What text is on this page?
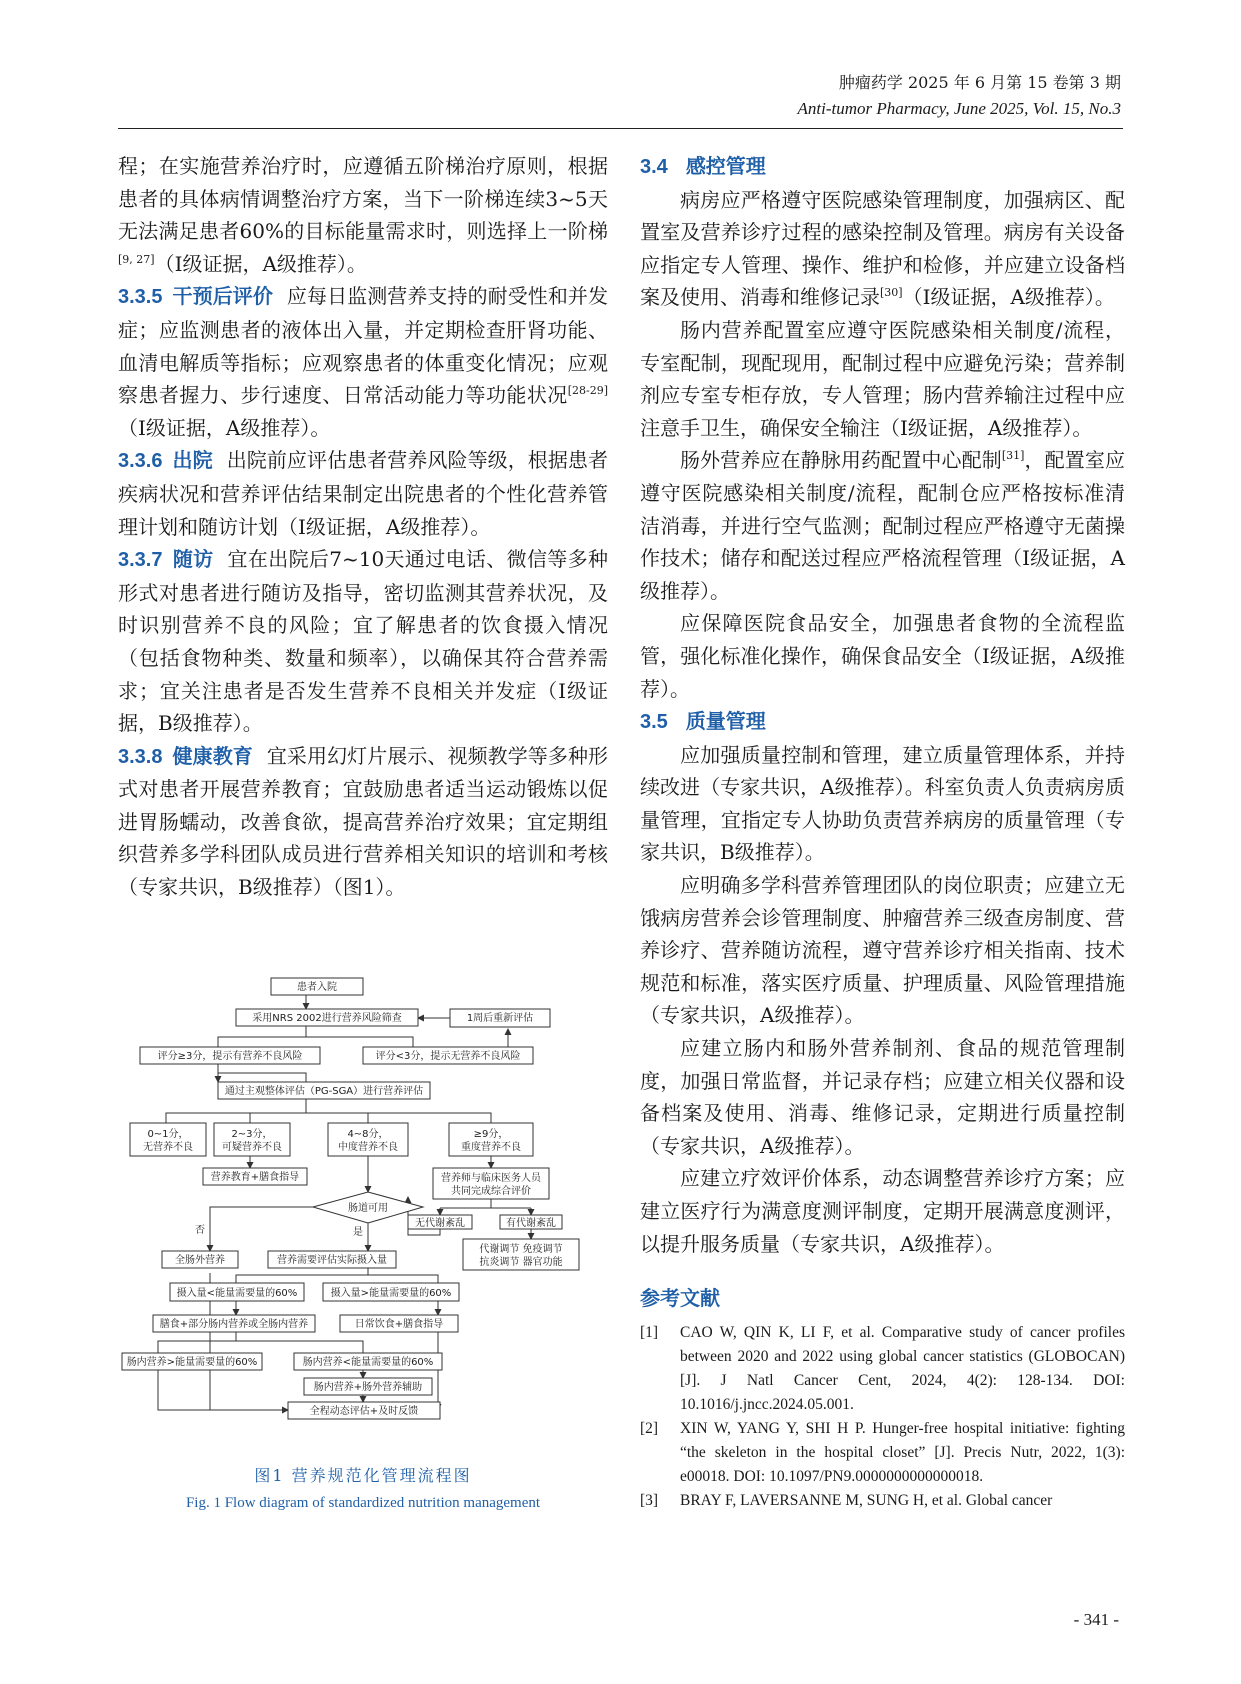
肿瘤药学 2025 年 6 月第 15 卷第 3 期
Anti-tumor Pharmacy, June 2025, Vol. 15, No.3

程；在实施营养治疗时，应遵循五阶梯治疗原则，根据患者的具体病情调整治疗方案，当下一阶梯连续3~5天无法满足患者60%的目标能量需求时，则选择上一阶梯[9, 27]（Ⅰ级证据，A级推荐）。

3.3.5 干预后评价 应每日监测营养支持的耐受性和并发症；应监测患者的液体出入量，并定期检查肝肾功能、血清电解质等指标；应观察患者的体重变化情况；应观察患者握力、步行速度、日常活动能力等功能状况[28-29]（Ⅰ级证据，A级推荐）。

3.3.6 出院 出院前应评估患者营养风险等级，根据患者疾病状况和营养评估结果制定出院患者的个性化营养管理计划和随访计划（Ⅰ级证据，A级推荐）。

3.3.7 随访 宜在出院后7~10天通过电话、微信等多种形式对患者进行随访及指导，密切监测其营养状况，及时识别营养不良的风险；宜了解患者的饮食摄入情况（包括食物种类、数量和频率），以确保其符合营养需求；宜关注患者是否发生营养不良相关并发症（Ⅰ级证据，B级推荐）。

3.3.8 健康教育 宜采用幻灯片展示、视频教学等多种形式对患者开展营养教育；宜鼓励患者适当运动锻炼以促进胃肠蠕动，改善食欲，提高营养治疗效果；宜定期组织营养多学科团队成员进行营养相关知识的培训和考核（专家共识，B级推荐）（图1）。

患者入院
采用NRS 2002进行营养风险筛查	1周后重新评估
评分≥3分，提示有营养不良风险	评分<3分，提示无营养不良风险
通过主观整体评估（PG-SGA）进行营养评估
0~1分，
无营养不良
2~3分，
可疑营养不良
4~8分，
中度营养不良
≥9分，
重度营养不良
营养教育+膳食指导
肠道可用
营养师与临床医务人员
共同完成综合评价
无代谢紊乱	有代谢紊乱
代谢调节 免疫调节
抗炎调节 器官功能
否	是
全肠外营养	营养需要评估实际摄入量
摄入量<能量需要量的60%	摄入量>能量需要量的60%
膳食+部分肠内营养或全肠内营养	日常饮食+膳食指导
肠内营养>能量需要量的60%	肠内营养<能量需要量的60%
肠内营养+肠外营养辅助
全程动态评估+及时反馈
图1 营养规范化管理流程图
Fig. 1 Flow diagram of standardized nutrition management
3.4 感控管理

病房应严格遵守医院感染管理制度，加强病区、配置室及营养诊疗过程的感染控制及管理。病房有关设备应指定专人管理、操作、维护和检修，并应建立设备档案及使用、消毒和维修记录[30]（Ⅰ级证据，A级推荐）。

肠内营养配置室应遵守医院感染相关制度/流程，专室配制，现配现用，配制过程中应避免污染；营养制剂应专室专柜存放，专人管理；肠内营养输注过程中应注意手卫生，确保安全输注（Ⅰ级证据，A级推荐）。

肠外营养应在静脉用药配置中心配制[31]，配置室应遵守医院感染相关制度/流程，配制仓应严格按标准清洁消毒，并进行空气监测；配制过程应严格遵守无菌操作技术；储存和配送过程应严格流程管理（Ⅰ级证据，A级推荐）。

应保障医院食品安全，加强患者食物的全流程监管，强化标准化操作，确保食品安全（Ⅰ级证据，A级推荐）。

3.5 质量管理

应加强质量控制和管理，建立质量管理体系，并持续改进（专家共识，A级推荐）。科室负责人负责病房质量管理，宜指定专人协助负责营养病房的质量管理（专家共识，B级推荐）。

应明确多学科营养管理团队的岗位职责；应建立无饿病房营养会诊管理制度、肿瘤营养三级查房制度、营养诊疗、营养随访流程，遵守营养诊疗相关指南、技术规范和标准，落实医疗质量、护理质量、风险管理措施（专家共识，A级推荐）。

应建立肠内和肠外营养制剂、食品的规范管理制度，加强日常监督，并记录存档；应建立相关仪器和设备档案及使用、消毒、维修记录，定期进行质量控制（专家共识，A级推荐）。

应建立疗效评价体系，动态调整营养诊疗方案；应建立医疗行为满意度测评制度，定期开展满意度测评，以提升服务质量（专家共识，A级推荐）。

参考文献
[1]	CAO W, QIN K, LI F, et al. Comparative study of cancer profiles between 2020 and 2022 using global cancer statistics (GLOBOCAN) [J]. J Natl Cancer Cent, 2024, 4(2): 128-134. DOI: 10.1016/j.jncc.2024.05.001.
[2]	XIN W, YANG Y, SHI H P. Hunger-free hospital initiative: fighting “the skeleton in the hospital closet” [J]. Precis Nutr, 2022, 1(3): e00018. DOI: 10.1097/PN9.0000000000000018.
[3]	BRAY F, LAVERSANNE M, SUNG H, et al. Global cancer
- 341 -
